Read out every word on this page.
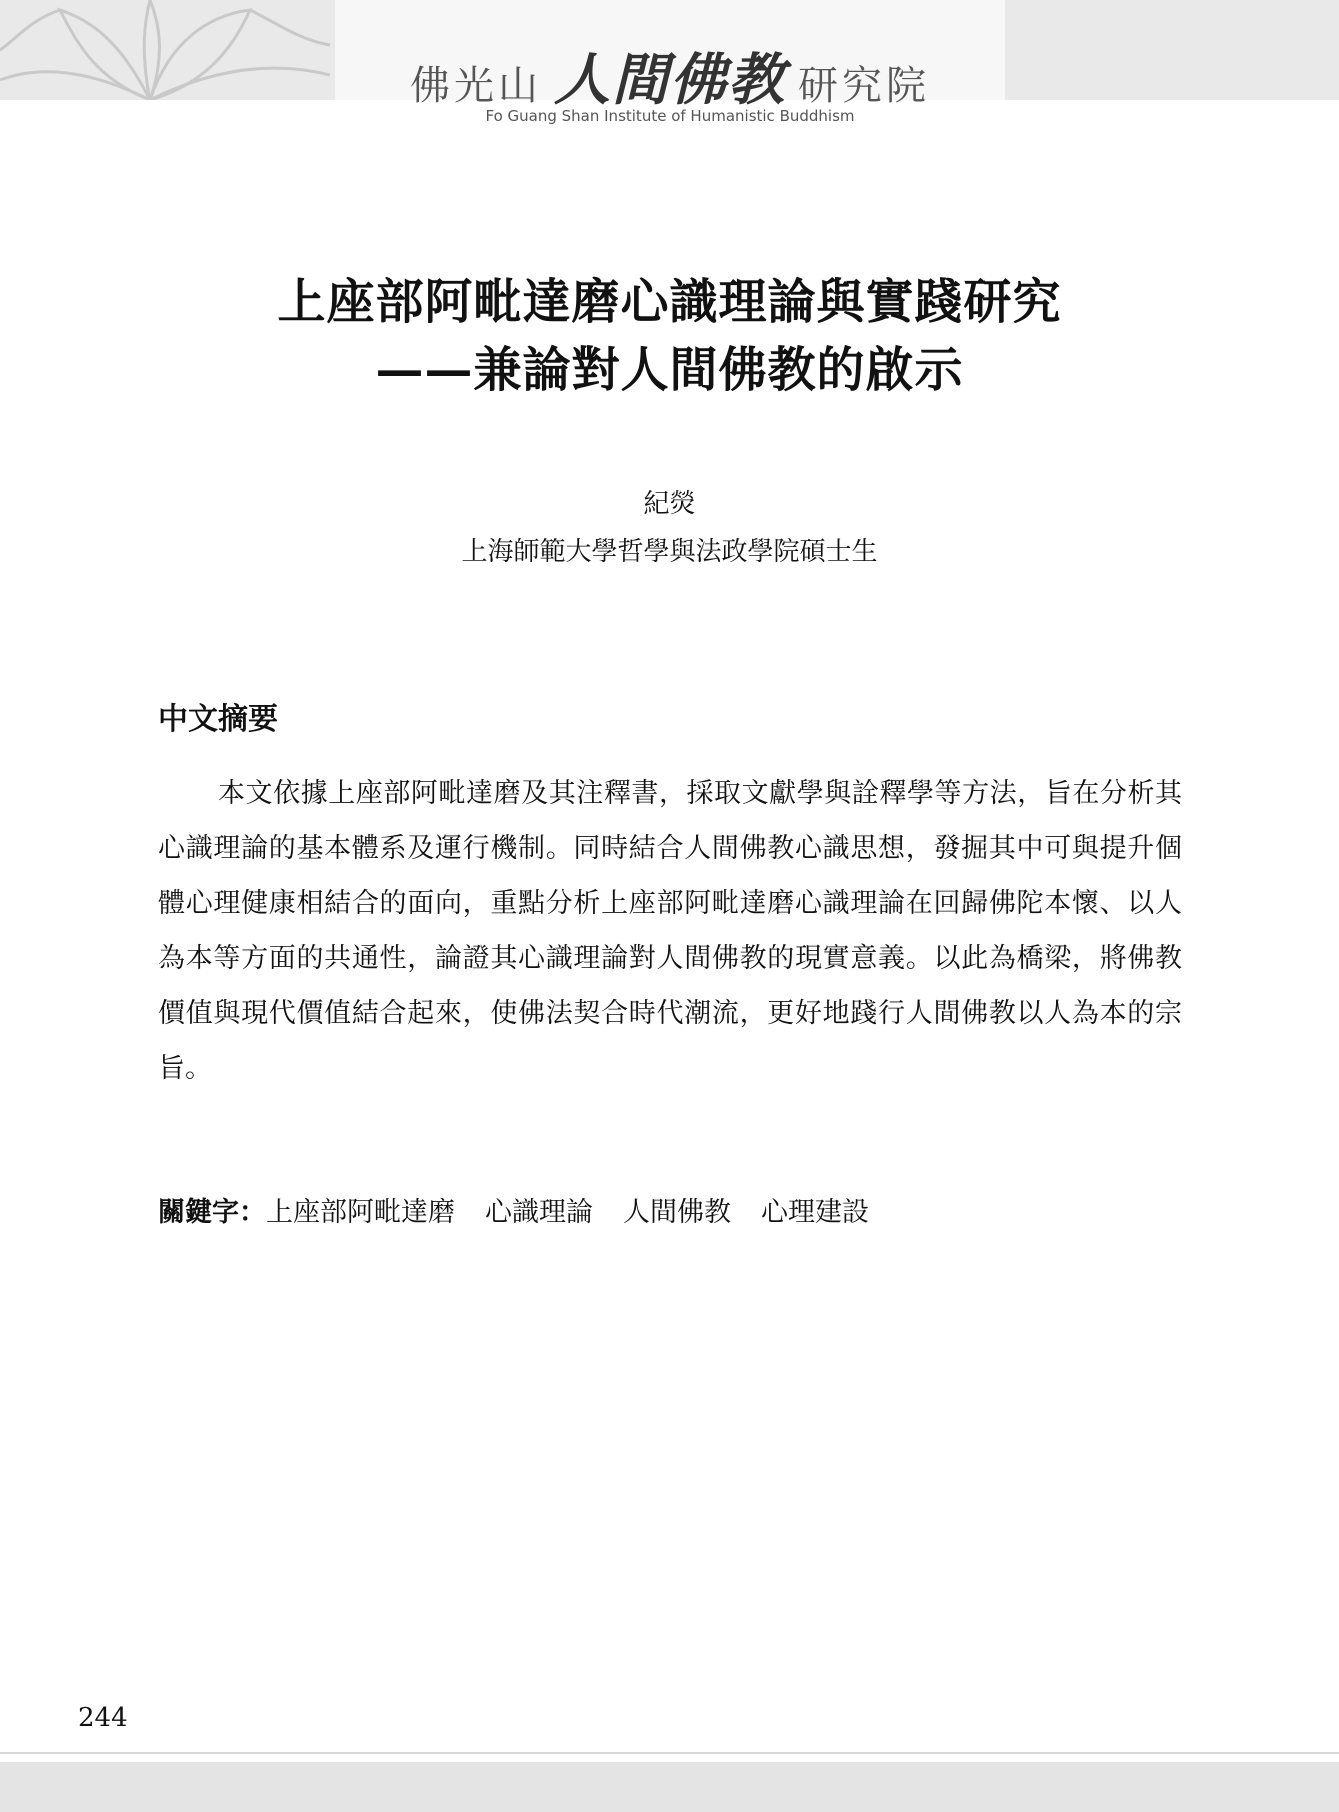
佛光山 人間佛教 研究院
Fo Guang Shan Institute of Humanistic Buddhism
上座部阿毗達磨心識理論與實踐研究
——兼論對人間佛教的啟示
紀熒
上海師範大學哲學與法政學院碩士生
中文摘要

本文依據上座部阿毗達磨及其注釋書，採取文獻學與詮釋學等方法，旨在分析其心識理論的基本體系及運行機制。同時結合人間佛教心識思想，發掘其中可與提升個體心理健康相結合的面向，重點分析上座部阿毗達磨心識理論在回歸佛陀本懷、以人為本等方面的共通性，論證其心識理論對人間佛教的現實意義。以此為橋梁，將佛教價值與現代價值結合起來，使佛法契合時代潮流，更好地踐行人間佛教以人為本的宗旨。

關鍵字：上座部阿毗達磨 心識理論 人間佛教 心理建設
244
